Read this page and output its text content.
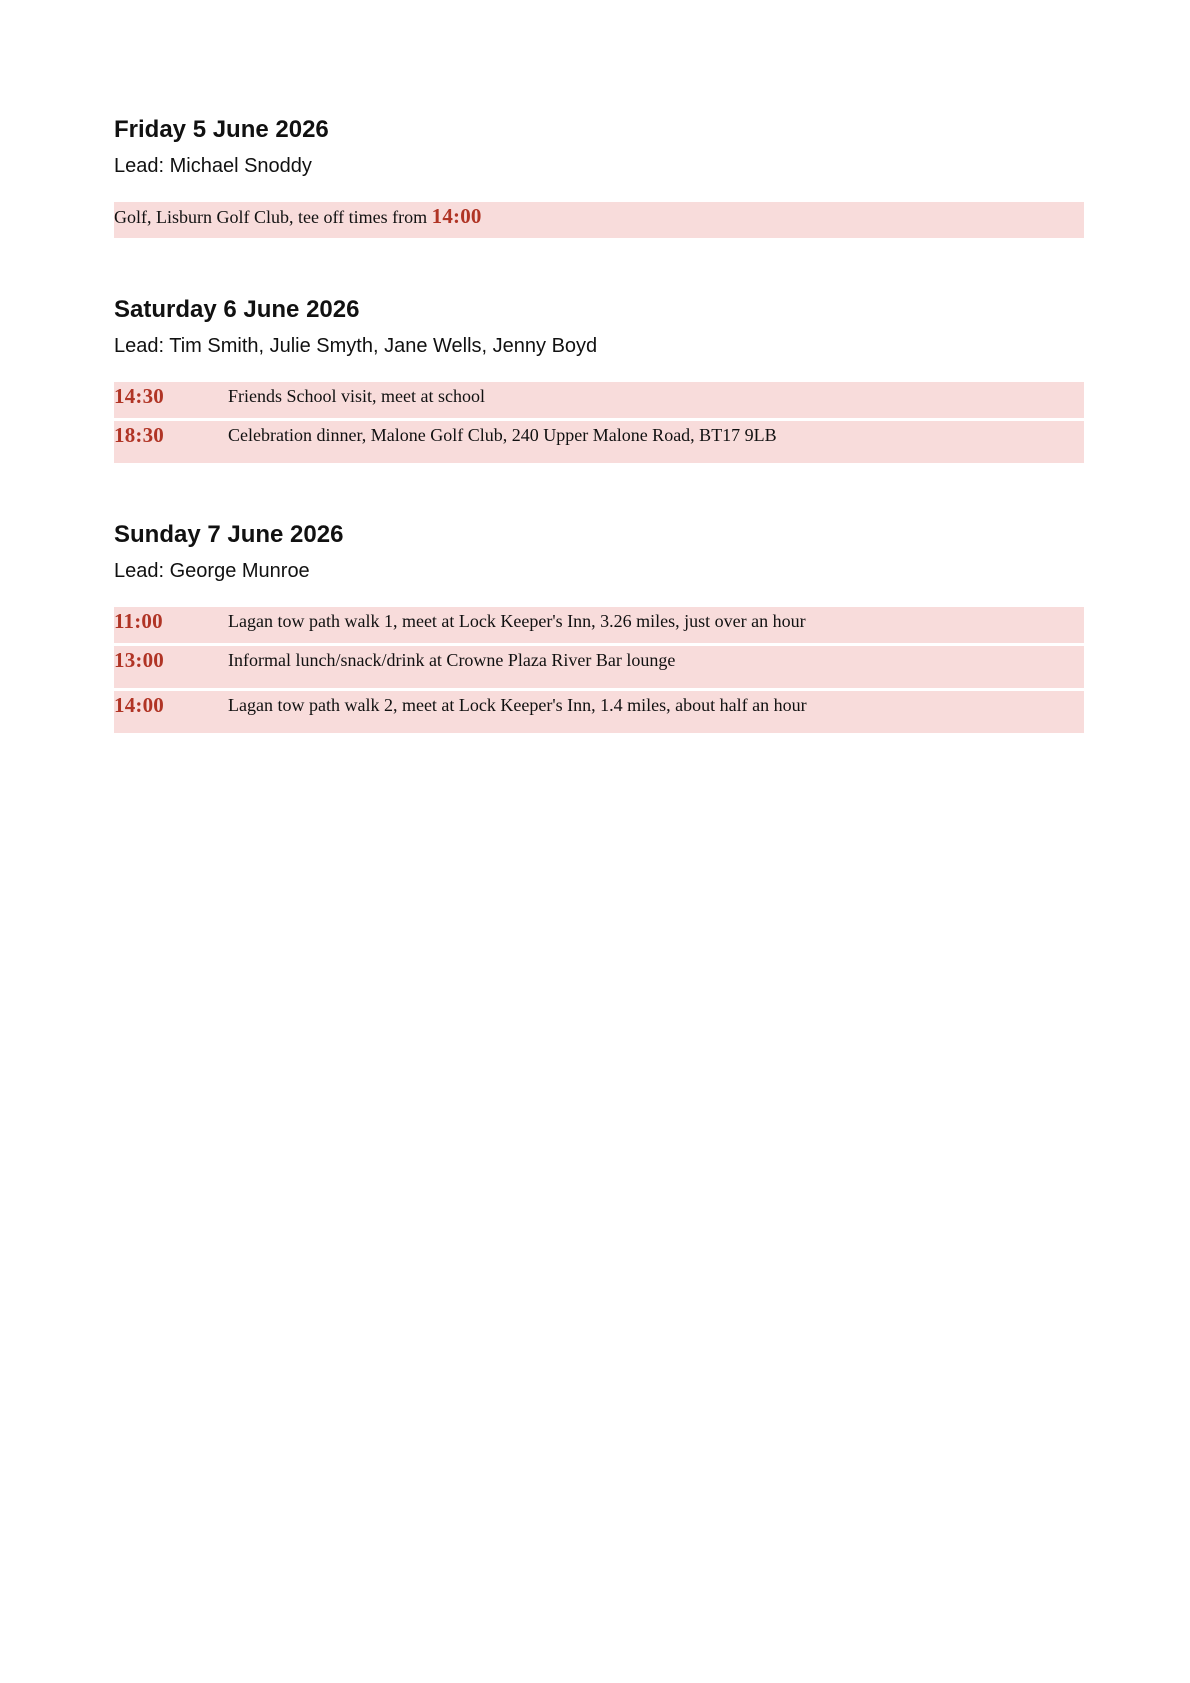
Friday 5 June 2026
Lead: Michael Snoddy
Golf, Lisburn Golf Club, tee off times from 14:00
Saturday 6 June 2026
Lead: Tim Smith, Julie Smyth, Jane Wells, Jenny Boyd
14:30	Friends School visit, meet at school
18:30	Celebration dinner, Malone Golf Club, 240 Upper Malone Road, BT17 9LB
Sunday 7 June 2026
Lead: George Munroe
11:00	Lagan tow path walk 1, meet at Lock Keeper's Inn, 3.26 miles, just over an hour
13:00	Informal lunch/snack/drink at Crowne Plaza River Bar lounge
14:00	Lagan tow path walk 2, meet at Lock Keeper's Inn, 1.4 miles, about half an hour
